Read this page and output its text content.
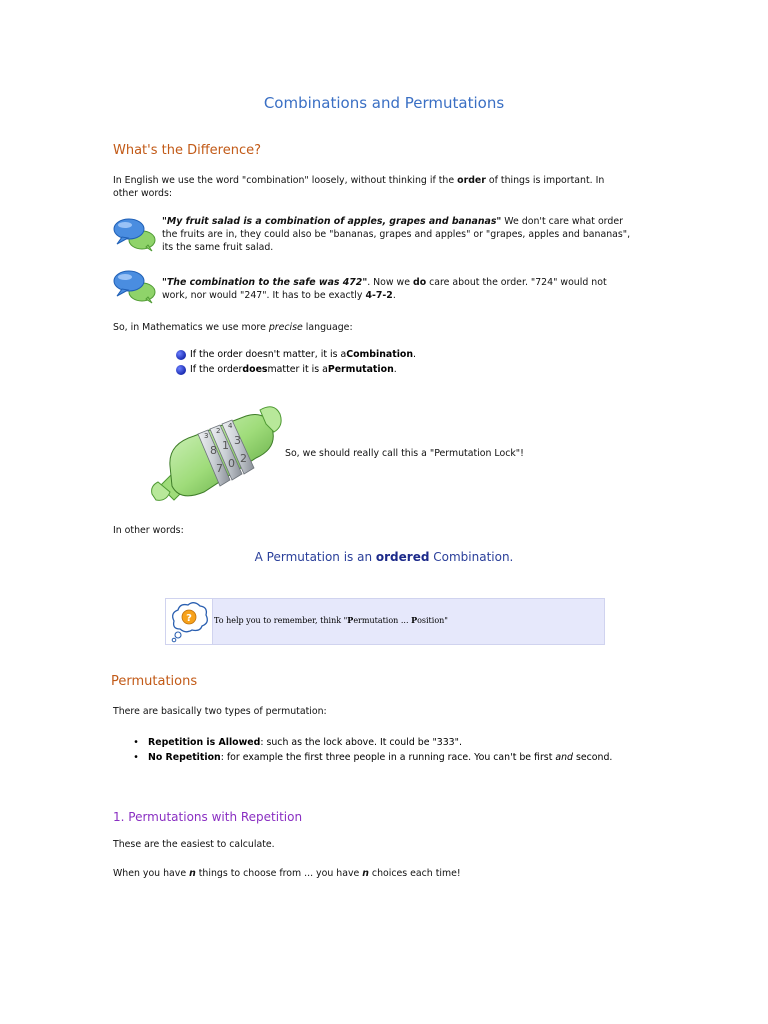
Combinations and Permutations
What's the Difference?
In English we use the word "combination" loosely, without thinking if the order of things is important. In
other words:
"My fruit salad is a combination of apples, grapes and bananas" We don't care what order
the fruits are in, they could also be "bananas, grapes and apples" or "grapes, apples and bananas",
its the same fruit salad.
"The combination to the safe was 472". Now we do care about the order. "724" would not
work, nor would "247". It has to be exactly 4-7-2.
So, in Mathematics we use more precise language:
If the order doesn't matter, it is a Combination .
If the order does matter it is a Permutation .
3
2
4
8 1 3
7 0 2	So, we should really call this a "Permutation Lock"!
In other words:
A Permutation is an ordered Combination.
?	To help you to remember, think "Permutation ... Position"
Permutations
There are basically two types of permutation:
• Repetition is Allowed: such as the lock above. It could be "333".
• No Repetition: for example the first three people in a running race. You can't be first and second.
1. Permutations with Repetition
These are the easiest to calculate.
When you have n things to choose from ... you have n choices each time!
